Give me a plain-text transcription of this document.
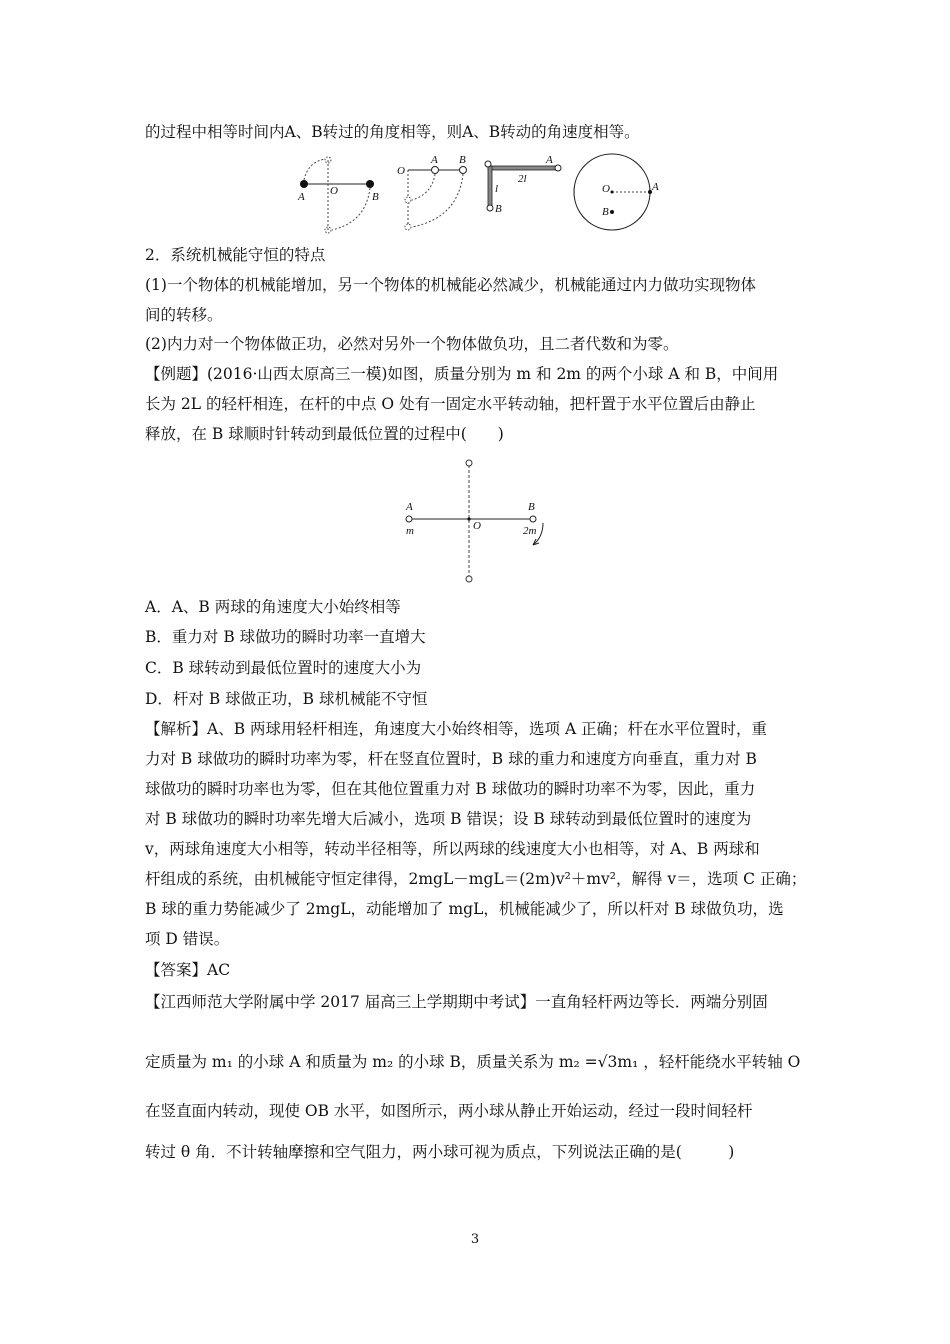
的过程中相等时间内A、B转过的角度相等，则A、B转动的角速度相等。
A O	B
O
A B	A
2l
l
B
O	A
B
2．系统机械能守恒的特点
(1)一个物体的机械能增加，另一个物体的机械能必然减少，机械能通过内力做功实现物体
间的转移。
(2)内力对一个物体做正功，必然对另外一个物体做负功，且二者代数和为零。
【例题】(2016·山西太原高三一模)如图，质量分别为 m 和 2m 的两个小球 A 和 B，中间用
长为 2L 的轻杆相连，在杆的中点 O 处有一固定水平转动轴，把杆置于水平位置后由静止
释放，在 B 球顺时针转动到最低位置的过程中(　　)
A
m	O
B
2m
A．A、B 两球的角速度大小始终相等
B．重力对 B 球做功的瞬时功率一直增大
C．B 球转动到最低位置时的速度大小为
D．杆对 B 球做正功，B 球机械能不守恒
【解析】A、B 两球用轻杆相连，角速度大小始终相等，选项 A 正确；杆在水平位置时，重
力对 B 球做功的瞬时功率为零，杆在竖直位置时，B 球的重力和速度方向垂直，重力对 B
球做功的瞬时功率也为零，但在其他位置重力对 B 球做功的瞬时功率不为零，因此，重力
对 B 球做功的瞬时功率先增大后减小，选项 B 错误；设 B 球转动到最低位置时的速度为
v，两球角速度大小相等，转动半径相等，所以两球的线速度大小也相等，对 A、B 两球和
杆组成的系统，由机械能守恒定律得，2mgL－mgL＝(2m)v²＋mv²，解得 v＝，选项 C 正确；
B 球的重力势能减少了 2mgL，动能增加了 mgL，机械能减少了，所以杆对 B 球做负功，选
项 D 错误。
【答案】AC
【江西师范大学附属中学 2017 届高三上学期期中考试】一直角轻杆两边等长．两端分别固
定质量为 m₁ 的小球 A 和质量为 m₂ 的小球 B，质量关系为 m₂ =√3m₁ ，轻杆能绕水平转轴 O
在竖直面内转动，现使 OB 水平，如图所示，两小球从静止开始运动，经过一段时间轻杆
转过 θ 角．不计转轴摩擦和空气阻力，两小球可视为质点，下列说法正确的是(　　　)
3
